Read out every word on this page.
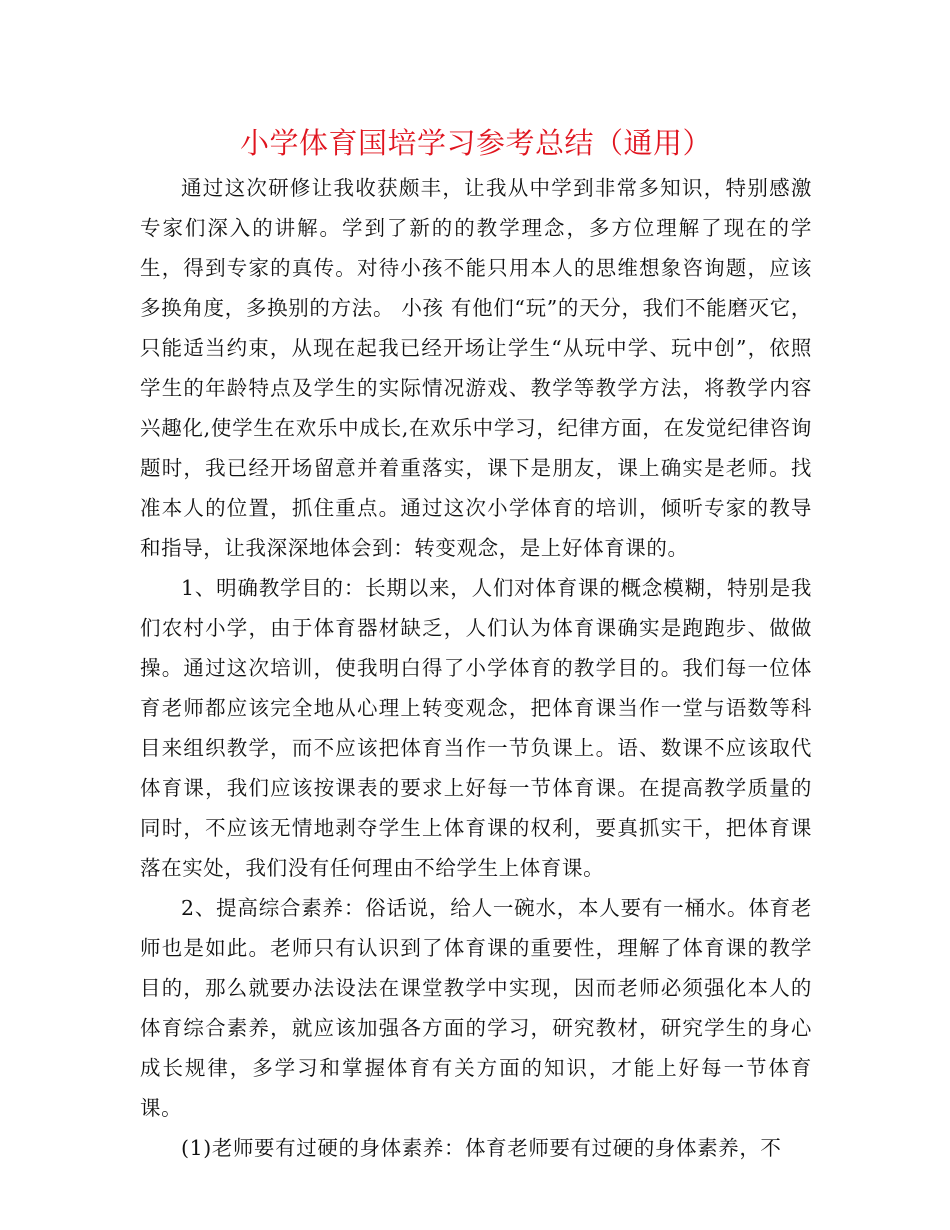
小学体育国培学习参考总结（通用）

通过这次研修让我收获颇丰，让我从中学到非常多知识，特别感激专家们深入的讲解。学到了新的的教学理念，多方位理解了现在的学生，得到专家的真传。对待小孩不能只用本人的思维想象咨询题，应该多换角度，多换别的方法。 小孩 有他们“玩”的天分，我们不能磨灭它，只能适当约束，从现在起我已经开场让学生“从玩中学、玩中创”，依照学生的年龄特点及学生的实际情况游戏、教学等教学方法，将教学内容兴趣化,使学生在欢乐中成长,在欢乐中学习，纪律方面，在发觉纪律咨询题时，我已经开场留意并着重落实，课下是朋友，课上确实是老师。找准本人的位置，抓住重点。通过这次小学体育的培训，倾听专家的教导和指导，让我深深地体会到：转变观念，是上好体育课的。

1、明确教学目的：长期以来，人们对体育课的概念模糊，特别是我们农村小学，由于体育器材缺乏，人们认为体育课确实是跑跑步、做做操。通过这次培训，使我明白得了小学体育的教学目的。我们每一位体育老师都应该完全地从心理上转变观念，把体育课当作一堂与语数等科目来组织教学，而不应该把体育当作一节负课上。语、数课不应该取代体育课，我们应该按课表的要求上好每一节体育课。在提高教学质量的同时，不应该无情地剥夺学生上体育课的权利，要真抓实干，把体育课落在实处，我们没有任何理由不给学生上体育课。

2、提高综合素养：俗话说，给人一碗水，本人要有一桶水。体育老师也是如此。老师只有认识到了体育课的重要性，理解了体育课的教学目的，那么就要办法设法在课堂教学中实现，因而老师必须强化本人的体育综合素养，就应该加强各方面的学习，研究教材，研究学生的身心成长规律，多学习和掌握体育有关方面的知识，才能上好每一节体育课。

(1)老师要有过硬的身体素养：体育老师要有过硬的身体素养，不
